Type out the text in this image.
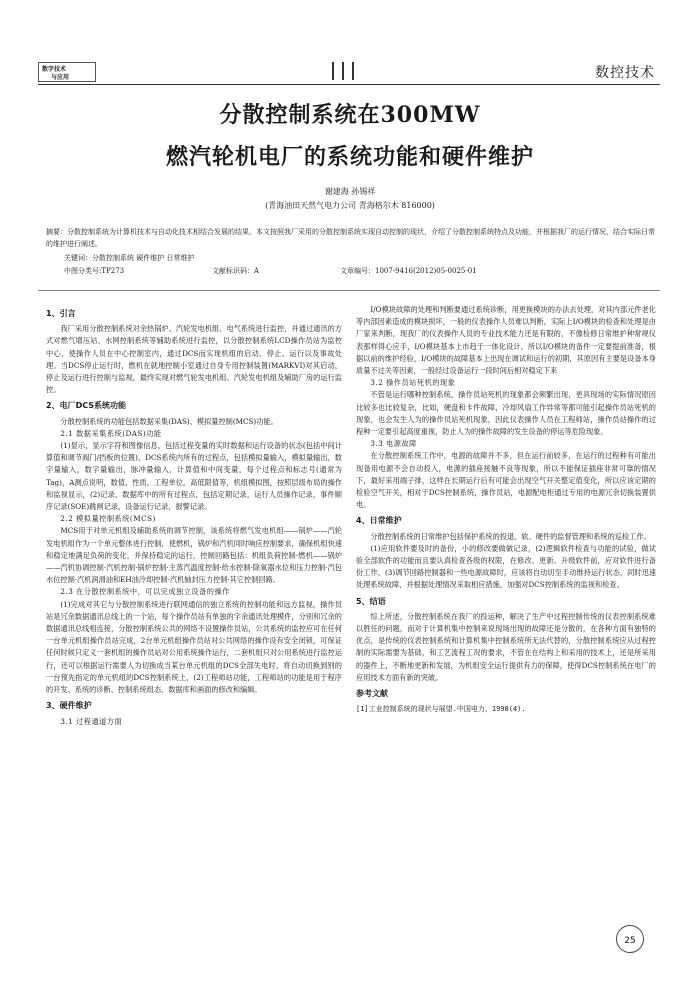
数字技术
与应用	数控技术
分散控制系统在300MW
燃汽轮机电厂的系统功能和硬件维护
谢建海 孙锡祥
(青海油田天然气电力公司 青海格尔木 816000)
摘要：分散控制系统为计算机技术与自动化技术相结合发展的结果。本文按照我厂采用的分散控制系统实现自动控制的现状，介绍了分散控制系统特点及功能，并根据我厂的运行情况，结合实际日常的维护进行阐述。
关键词：分散控制系统 硬件维护 日常维护
中图分类号:TP273	文献标识码：A	文章编号：1007-9416(2012)05-0025-01

1、引言

我厂采用分散控制系统对余热锅炉、汽轮发电机组、电气系统进行监控，并通过通讯的方式对燃气增压站、水网控制系统等辅助系统进行监控，以分散控制系统LCD操作员站为监控中心，使操作人员在中心控制室内，通过DCS而实现机组的启动、停止、运行以及事故处理。当DCS停止运行时，燃机在就地控制小室通过自身专用控制装置(MARKVI)对其启动，停止及运行进行控制与监视，最终实现对燃气轮发电机组、汽轮发电机组及辅助厂房的运行监控。

2、电厂DCS系统功能

分散控制系统的功能包括数据采集(DAS)、模拟量控制(MCS)功能。

2.1 数据采集系统(DAS)功能

(1)显示，显示字符和图像信息，包括过程变量的实时数据和运行设备的状态(包括中间计算值和调节阀门/挡板的位置)，DCS系统内所有的过程点，包括模拟量输入，模拟量输出，数字量输入，数字量输出，脉冲量输入，计算值和中间变量，每个过程点和标志号(通常为Tag)，A测点说明，数值，性质，工程单位，高低限值等，机组模拟图，按照层级布局的操作和监视显示，(2)记录，数据库中的所有过程点，包括定期记录，运行人员操作记录，事件顺序记录(SOE)跳闸记录，设备运行记录，报警记录。

2.2 模拟量控制系统(MCS)

MCS用于对单元机组及辅助系统的调节控制，该系统将燃气发电机组——锅炉——汽轮发电机组作为一个单元整体进行控制，使燃机，锅炉和汽机同时响应控制要求，确保机组快速和稳定地满足负荷的变化，并保持稳定的运行，控制回路包括：机组负荷控制·燃机——锅炉——汽机协调控制·汽机控制·锅炉控制·主蒸汽温度控制·给水控制·除氧器水位和压力控制·汽包水位控制·汽机润滑油和EH油冷却控制·汽机轴封压力控制·其它控制回路。

2.3 在分散控制系统中，可以完成独立设备的操作

(1)完成对其它与分散控制系统进行联网通信的独立系统的控制功能和远方监视，操作员站是冗余数据通讯总线上的一个站，每个操作员站有单独的字余通讯处理模件，分别和冗余的数据通讯总线相连接，分散控制系统公共的网络不设置操作员站，公共系统的监控应可在任何一台单元机组操作员站完成，2台单元机组操作员站对公共网络的操作设有安全闭锁，可保证任何时候只定义一套机组的操作员站对公用系统操作运行，二套机组只对公用系统进行监控运行，还可以根据运行需要人为切换成当某台单元机组的DCS全部失电时，将自动切换到别的一台预先指定的单元机组的DCS控制系统上，(2)工程师站功能，工程师站的功能是用于程序的开发、系统的诊断、控制系统组态、数据库和画面的修改和编辑。

3、硬件维护

3.1 过程通道方面

I/O模块故障的处理和判断要通过系统诊断，用更换模块的办法去处理，对其内部元件老化等内部因素造成的模块损坏，一般的仪表操作人员难以判断，实际上I/O模块的检查和处理是由厂家来判断，现我厂的仪表操作人员的专业技术能力还是有限的，不像检修日常维护种常规仪表那样得心应手，I/O模块基本上市趋于一体化设计，所以I/O模块的备件一定要提前准备，根据以前的维护经验，I/O模块的故障基本上出现在调试和运行的初期，其原因有主要是设备本身质量不过关等因素，一般经过设备运行一段时间后相对稳定下来

3.2 操作员站死机的现象

不管是运行哪种控制系统，操作员站死机的现象都会频繁出现，更具现场的实际情况原因比较多也比较复杂，比如，硬盘和卡件故障，冷却风扇工作异常等都可能引起操作员站死机的现象，也会发生人为的操作员站死机现象，因此仪表操作人员在工程师站，操作员站操作的过程种一定要引起高度重视，防止人为的操作故障的发生设备的停运等危险现象。

3.3 电源故障

在分散控制系统工作中，电源的故障并不多，但在运行前较多，在运行的过程种有可能出现备用电源不会自动投入，电源的插座接触不良等现象，所以不能保证插座非常可靠的情况下，最好采用端子排，这样在长期运行后有可能会出现空气开关整定值变化，所以应该定期的检验空气开关，相对于DCS控制系统，操作员站，电源配电柜通过专用的电源冗余切换装置供电。

4、日常维护

分散控制系统的日常维护包括保护系统的投退、软、硬件的监督管理和系统的巡检工作。

(1)应用软件要及时的备份，小的修改要做做记录，(2)逻辑软件检查与功能的试验，做试验全部软件的功能而且要认真检查各级的权限，在修改、更新、升级软件前，应对软件进行备份工作，(3)调节回路控制器和一些电源故障时，应该将自动切至手动维持运行状态，同时迅速处理系统故障，并根据处理情况采取相应措施，加强对DCS控制系统的监视和检查。

5、结语

综上所述，分散控制系统在我厂的投运种，解决了生产中过程控制传统的仪表控制系统难以胜任的问题，而对于计算机集中控制来说现场出现的故障还是分散的，在各种方面有独特的优点，是传统的仪表控制系统和计算机集中控制系统所无法代替的，分散控制系统应从过程控制的实际需要为基础，和工艺流程工况的要求，不管在在结构上和采用的技术上，还是所采用的器件上，不断地更新和发展，为机组安全运行提供有力的保障，使得DCS控制系统在电厂的应用技术方面有新的突破。

参考文献

[1]工业控制系统的现状与展望.中国电力，1998(4).

25
